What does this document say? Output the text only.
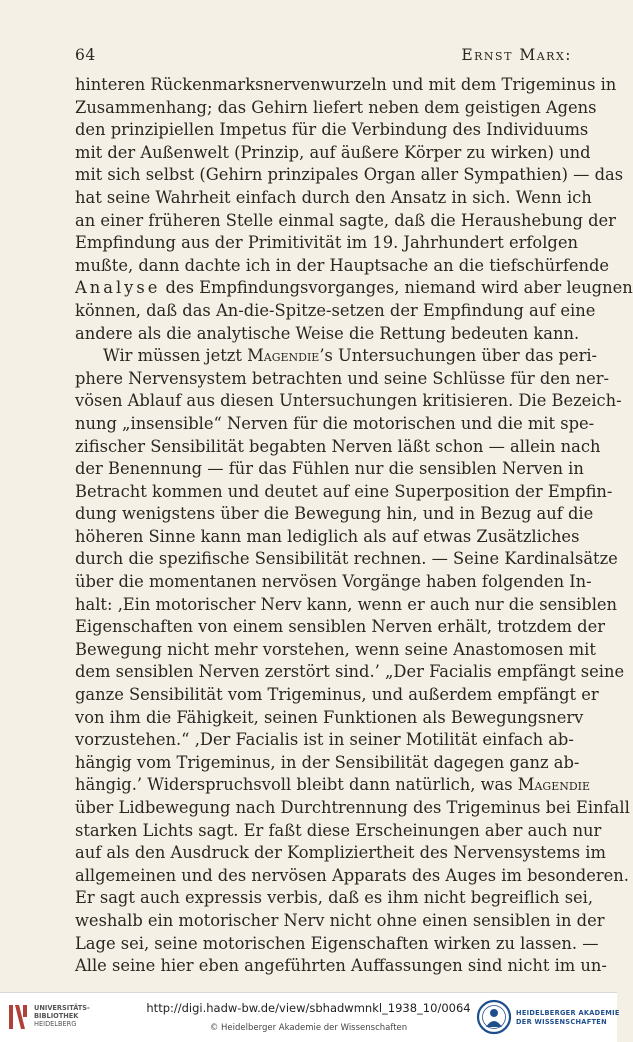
64	Ernst Marx:
hinteren Rückenmarksnervenwurzeln und mit dem Trigeminus in
Zusammenhang; das Gehirn liefert neben dem geistigen Agens
den prinzipiellen Impetus für die Verbindung des Individuums
mit der Außenwelt (Prinzip, auf äußere Körper zu wirken) und
mit sich selbst (Gehirn prinzipales Organ aller Sympathien) — das
hat seine Wahrheit einfach durch den Ansatz in sich. Wenn ich
an einer früheren Stelle einmal sagte, daß die Heraushebung der
Empfindung aus der Primitivität im 19. Jahrhundert erfolgen
mußte, dann dachte ich in der Hauptsache an die tiefschürfende
Analyse des Empfindungsvorganges, niemand wird aber leugnen
können, daß das An-die-Spitze-setzen der Empfindung auf eine
andere als die analytische Weise die Rettung bedeuten kann.
Wir müssen jetzt Magendie’s Untersuchungen über das peri-
phere Nervensystem betrachten und seine Schlüsse für den ner-
vösen Ablauf aus diesen Untersuchungen kritisieren. Die Bezeich-
nung „insensible“ Nerven für die motorischen und die mit spe-
zifischer Sensibilität begabten Nerven läßt schon — allein nach
der Benennung — für das Fühlen nur die sensiblen Nerven in
Betracht kommen und deutet auf eine Superposition der Empfin-
dung wenigstens über die Bewegung hin, und in Bezug auf die
höheren Sinne kann man lediglich als auf etwas Zusätzliches
durch die spezifische Sensibilität rechnen. — Seine Kardinalsätze
über die momentanen nervösen Vorgänge haben folgenden In-
halt: ‚Ein motorischer Nerv kann, wenn er auch nur die sensiblen
Eigenschaften von einem sensiblen Nerven erhält, trotzdem der
Bewegung nicht mehr vorstehen, wenn seine Anastomosen mit
dem sensiblen Nerven zerstört sind.’ „Der Facialis empfängt seine
ganze Sensibilität vom Trigeminus, und außerdem empfängt er
von ihm die Fähigkeit, seinen Funktionen als Bewegungsnerv
vorzustehen.“ ‚Der Facialis ist in seiner Motilität einfach ab-
hängig vom Trigeminus, in der Sensibilität dagegen ganz ab-
hängig.’ Widerspruchsvoll bleibt dann natürlich, was Magendie
über Lidbewegung nach Durchtrennung des Trigeminus bei Einfall
starken Lichts sagt. Er faßt diese Erscheinungen aber auch nur
auf als den Ausdruck der Kompliziertheit des Nervensystems im
allgemeinen und des nervösen Apparats des Auges im besonderen.
Er sagt auch expressis verbis, daß es ihm nicht begreiflich sei,
weshalb ein motorischer Nerv nicht ohne einen sensiblen in der
Lage sei, seine motorischen Eigenschaften wirken zu lassen. —
Alle seine hier eben angeführten Auffassungen sind nicht im un-
UNIVERSITÄTS-
BIBLIOTHEK
HEIDELBERG
http://digi.hadw-bw.de/view/sbhadwmnkl_1938_10/0064
© Heidelberger Akademie der Wissenschaften
HEIDELBERGER AKADEMIE
DER WISSENSCHAFTEN
